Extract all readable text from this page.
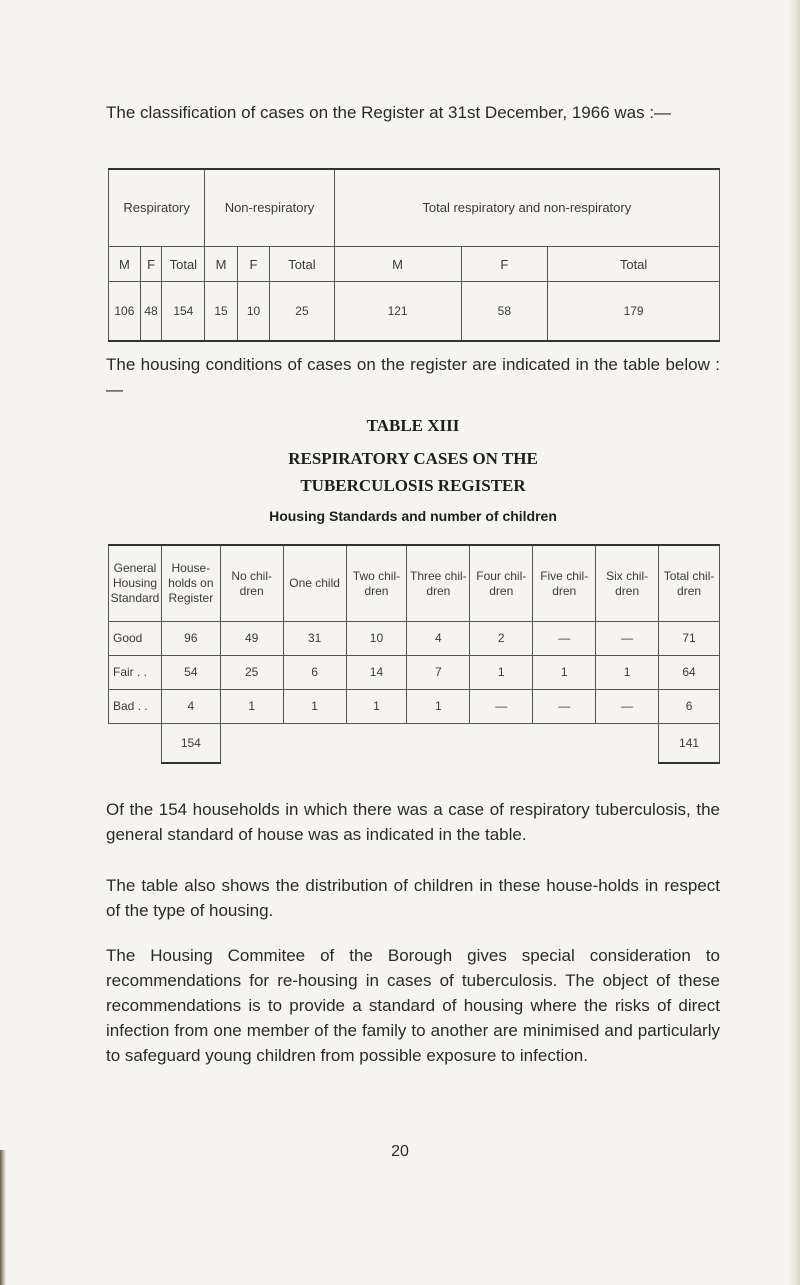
The classification of cases on the Register at 31st December, 1966 was :—

Respiratory			Non-respiratory			Total respiratory and non-respiratory		
M	F	Total	M	F	Total	M	F	Total
106	48	154	15	10	25	121	58	179

The housing conditions of cases on the register are indicated in the table below :—

TABLE XIII

RESPIRATORY CASES ON THE

TUBERCULOSIS REGISTER

Housing Standards and number of children

General Housing Standard	House-holds on Register	No chil-dren	One child	Two chil-dren	Three chil-dren	Four chil-dren	Five chil-dren	Six chil-dren	Total chil-dren
Good	96	49	31	10	4	2	—	—	71
Fair . .	54	25	6	14	7	1	1	1	64
Bad . .	4	1	1	1	1	—	—	—	6
	154								141

Of the 154 households in which there was a case of respiratory tuberculosis, the general standard of house was as indicated in the table.

The table also shows the distribution of children in these house-holds in respect of the type of housing.

The Housing Commitee of the Borough gives special consideration to recommendations for re-housing in cases of tuberculosis. The object of these recommendations is to provide a standard of housing where the risks of direct infection from one member of the family to another are minimised and particularly to safeguard young children from possible exposure to infection.

20
